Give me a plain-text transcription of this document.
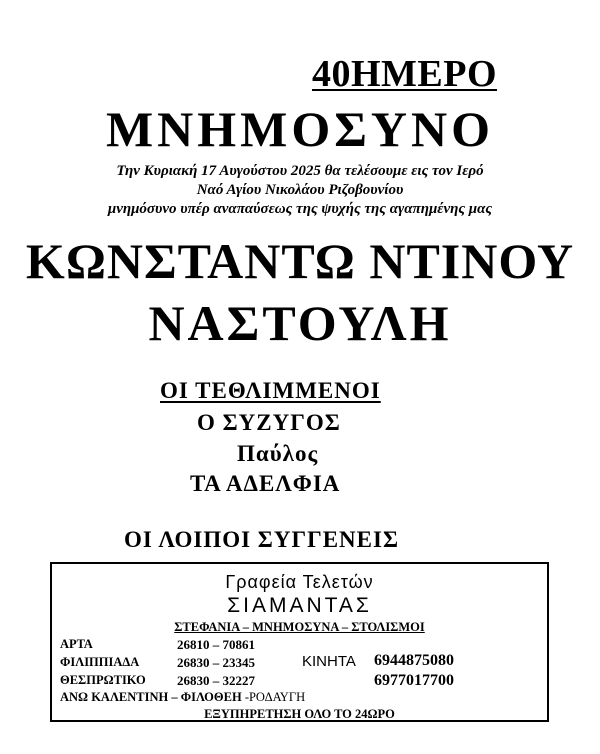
40ΗΜΕΡΟ
ΜΝΗΜΟΣΥΝΟ
Την Κυριακή 17 Αυγούστου 2025 θα τελέσουμε εις τον Ιερό
Ναό Αγίου Νικολάου Ριζοβουνίου
μνημόσυνο υπέρ αναπαύσεως της ψυχής της αγαπημένης μας
ΚΩΝΣΤΑΝΤΩ ΝΤΙΝΟΥ
ΝΑΣΤΟΥΛΗ
ΟΙ ΤΕΘΛΙΜΜΕΝΟΙ
Ο ΣΥΖΥΓΟΣ
Παύλος
ΤΑ ΑΔΕΛΦΙΑ
ΟΙ ΛΟΙΠΟΙ ΣΥΓΓΕΝΕΙΣ
Γραφεία Τελετών
ΣΙΑΜΑΝΤΑΣ
ΣΤΕΦΑΝΙΑ – ΜΝΗΜΟΣΥΝΑ – ΣΤΟΛΙΣΜΟΙ
ΑΡΤΑ	26810 – 70861
ΦΙΛΙΠΠΙΑΔΑ	26830 – 23345
ΘΕΣΠΡΩΤΙΚΟ 26830 – 32227
ΚΙΝΗΤΑ 6944875080
6977017700
ΑΝΩ ΚΑΛΕΝΤΙΝΗ – ΦΙΛΟΘΕΗ -ΡΟΔΑΥΓΗ
ΕΞΥΠΗΡΕΤΗΣΗ ΟΛΟ ΤΟ 24ΩΡΟ
